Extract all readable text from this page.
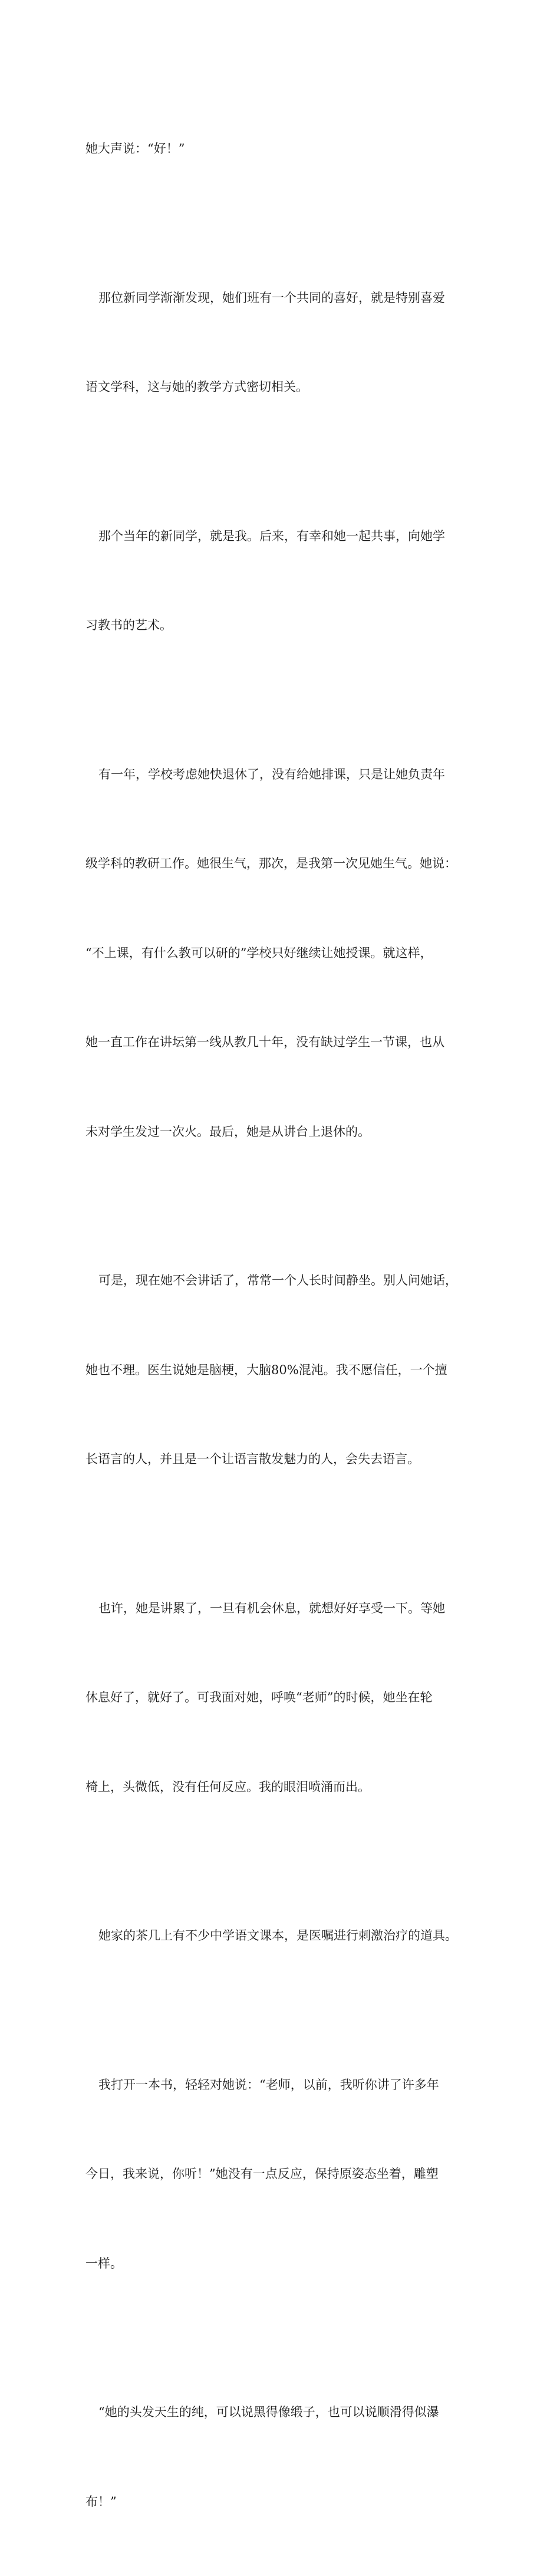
她大声说：“好！”

那位新同学渐渐发现，她们班有一个共同的喜好，就是特别喜爱

语文学科，这与她的教学方式密切相关。

那个当年的新同学，就是我。后来，有幸和她一起共事，向她学

习教书的艺术。

有一年，学校考虑她快退休了，没有给她排课，只是让她负责年

级学科的教研工作。她很生气，那次，是我第一次见她生气。她说：

“不上课，有什么教可以研的”学校只好继续让她授课。就这样，

她一直工作在讲坛第一线从教几十年，没有缺过学生一节课，也从

未对学生发过一次火。最后，她是从讲台上退休的。

可是，现在她不会讲话了，常常一个人长时间静坐。别人问她话，

她也不理。医生说她是脑梗，大脑80%混沌。我不愿信任，一个擅

长语言的人，并且是一个让语言散发魅力的人，会失去语言。

也许，她是讲累了，一旦有机会休息，就想好好享受一下。等她

休息好了，就好了。可我面对她，呼唤“老师”的时候，她坐在轮

椅上，头微低，没有任何反应。我的眼泪喷涌而出。

她家的茶几上有不少中学语文课本，是医嘱进行刺激治疗的道具。

我打开一本书，轻轻对她说：“老师，以前，我听你讲了许多年

今日，我来说，你听！”她没有一点反应，保持原姿态坐着，雕塑

一样。

“她的头发天生的纯，可以说黑得像缎子，也可以说顺滑得似瀑

布！”
